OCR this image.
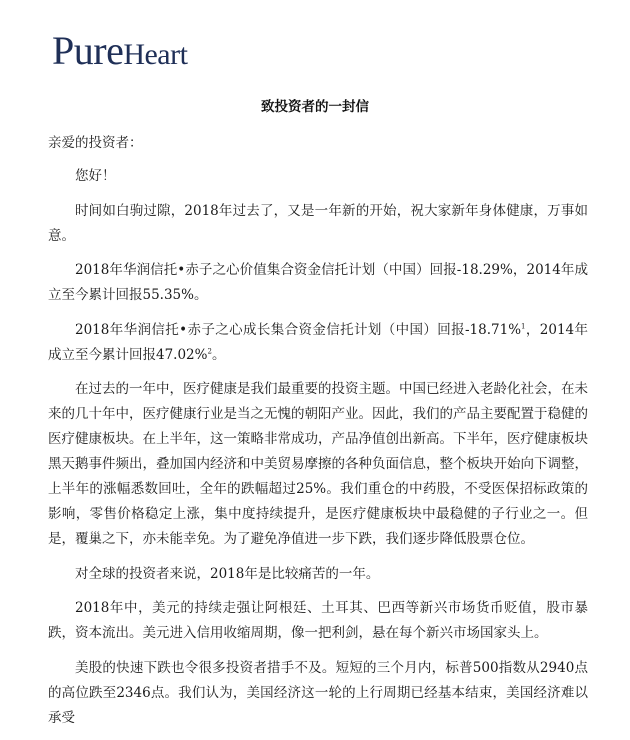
PureHeart
致投资者的一封信

亲爱的投资者：

您好！

时间如白驹过隙，2018年过去了，又是一年新的开始，祝大家新年身体健康，万事如意。

2018年华润信托•赤子之心价值集合资金信托计划（中国）回报-18.29%，2014年成立至今累计回报55.35%。

2018年华润信托•赤子之心成长集合资金信托计划（中国）回报-18.71%$^1$，2014年成立至今累计回报47.02%$^2$。

在过去的一年中，医疗健康是我们最重要的投资主题。中国已经进入老龄化社会，在未来的几十年中，医疗健康行业是当之无愧的朝阳产业。因此，我们的产品主要配置于稳健的医疗健康板块。在上半年，这一策略非常成功，产品净值创出新高。下半年，医疗健康板块黑天鹅事件频出，叠加国内经济和中美贸易摩擦的各种负面信息，整个板块开始向下调整，上半年的涨幅悉数回吐，全年的跌幅超过25%。我们重仓的中药股，不受医保招标政策的影响，零售价格稳定上涨，集中度持续提升，是医疗健康板块中最稳健的子行业之一。但是，覆巢之下，亦未能幸免。为了避免净值进一步下跌，我们逐步降低股票仓位。

对全球的投资者来说，2018年是比较痛苦的一年。

2018年中，美元的持续走强让阿根廷、土耳其、巴西等新兴市场货币贬值，股市暴跌，资本流出。美元进入信用收缩周期，像一把利剑，悬在每个新兴市场国家头上。

美股的快速下跌也令很多投资者措手不及。短短的三个月内，标普500指数从2940点的高位跌至2346点。我们认为，美国经济这一轮的上行周期已经基本结束，美国经济难以承受
